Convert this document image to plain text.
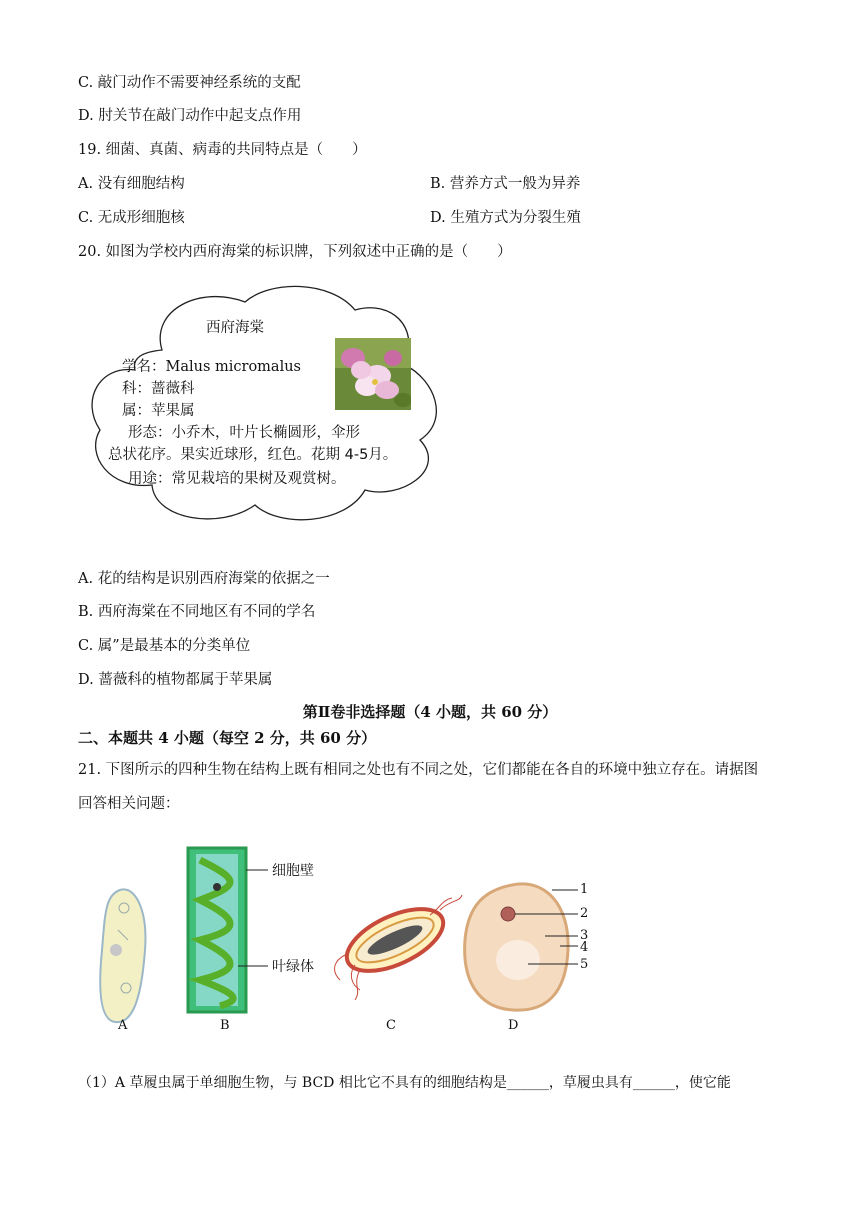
C. 敲门动作不需要神经系统的支配
D. 肘关节在敲门动作中起支点作用
19. 细菌、真菌、病毒的共同特点是（　　）
A. 没有细胞结构	B. 营养方式一般为异养
C. 无成形细胞核	D. 生殖方式为分裂生殖
20. 如图为学校内西府海棠的标识牌，下列叙述中正确的是（　　）
西府海棠
学名：Malus micromalus
科：蔷薇科
属：苹果属
形态：小乔木，叶片长椭圆形，伞形
总状花序。果实近球形，红色。花期 4-5月。
用途：常见栽培的果树及观赏树。
A. 花的结构是识别西府海棠的依据之一
B. 西府海棠在不同地区有不同的学名
C. 属”是最基本的分类单位
D. 蔷薇科的植物都属于苹果属
第Ⅱ卷非选择题（4 小题，共 60 分）
二、本题共 4 小题（每空 2 分，共 60 分）
21. 下图所示的四种生物在结构上既有相同之处也有不同之处，它们都能在各自的环境中独立存在。请据图
回答相关问题：
细胞壁
叶绿体
A	B	C	D
1
2
3
4
5
（1）A 草履虫属于单细胞生物，与 BCD 相比它不具有的细胞结构是______，草履虫具有______，使它能
